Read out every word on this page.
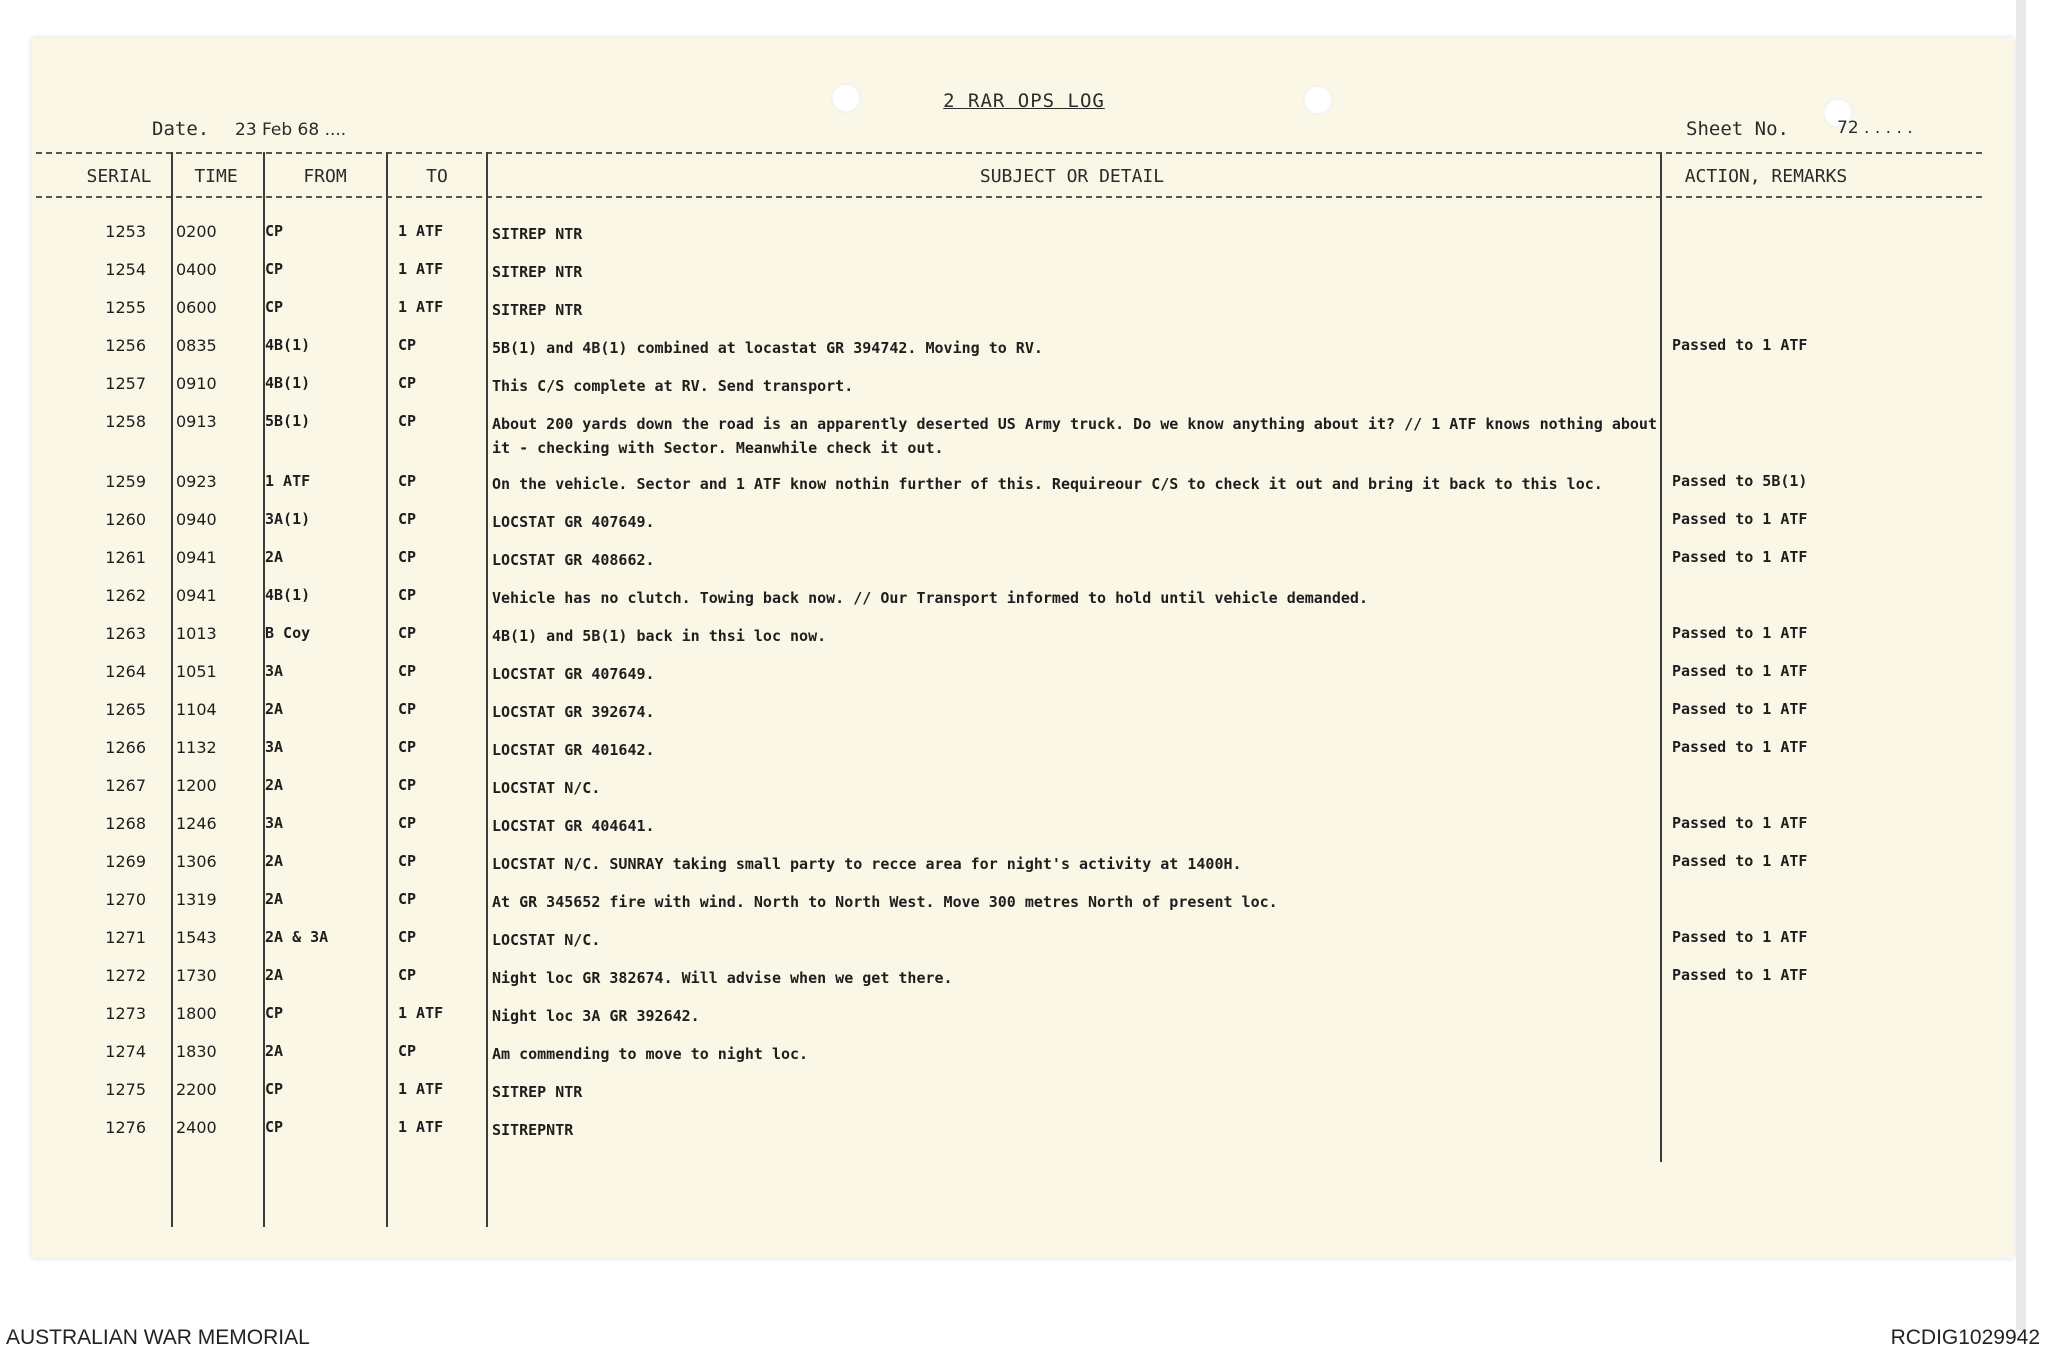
2 RAR OPS LOG
Date. 23 Feb 68 ....	Sheet No.	72 . . . . .
SERIAL	TIME	FROM	TO	SUBJECT OR DETAIL	ACTION, REMARKS
1253 0200	CP	1 ATF	SITREP NTR
1254 0400	CP	1 ATF	SITREP NTR
1255 0600	CP	1 ATF	SITREP NTR
1256 0835	4B(1)	CP	5B(1) and 4B(1) combined at locastat GR 394742. Moving to RV.	Passed to 1 ATF
1257 0910	4B(1)	CP	This C/S complete at RV. Send transport.
1258 0913	5B(1)	CP	About 200 yards down the road is an apparently deserted US Army truck. Do we know anything about it? // 1 ATF knows nothing about it - checking with Sector. Meanwhile check it out.
1259 0923	1 ATF	CP	On the vehicle. Sector and 1 ATF know nothin further of this. Requireour C/S to check it out and bring it back to this loc.	Passed to 5B(1)
1260 0940	3A(1)	CP	LOCSTAT GR 407649.	Passed to 1 ATF
1261 0941	2A	CP	LOCSTAT GR 408662.	Passed to 1 ATF
1262 0941	4B(1)	CP	Vehicle has no clutch. Towing back now. // Our Transport informed to hold until vehicle demanded.
1263 1013	B Coy	CP	4B(1) and 5B(1) back in thsi loc now.	Passed to 1 ATF
1264 1051	3A	CP	LOCSTAT GR 407649.	Passed to 1 ATF
1265 1104	2A	CP	LOCSTAT GR 392674.	Passed to 1 ATF
1266 1132	3A	CP	LOCSTAT GR 401642.	Passed to 1 ATF
1267 1200	2A	CP	LOCSTAT N/C.
1268 1246	3A	CP	LOCSTAT GR 404641.	Passed to 1 ATF
1269 1306	2A	CP	LOCSTAT N/C. SUNRAY taking small party to recce area for night's activity at 1400H.	Passed to 1 ATF
1270 1319	2A	CP	At GR 345652 fire with wind. North to North West. Move 300 metres North of present loc.
1271 1543	2A & 3A	CP	LOCSTAT N/C.	Passed to 1 ATF
1272 1730	2A	CP	Night loc GR 382674. Will advise when we get there.	Passed to 1 ATF
1273 1800	CP	1 ATF	Night loc 3A GR 392642.
1274 1830	2A	CP	Am commending to move to night loc.
1275 2200	CP	1 ATF	SITREP NTR
1276 2400	CP	1 ATF	SITREPNTR
AUSTRALIAN WAR MEMORIAL	RCDIG1029942
